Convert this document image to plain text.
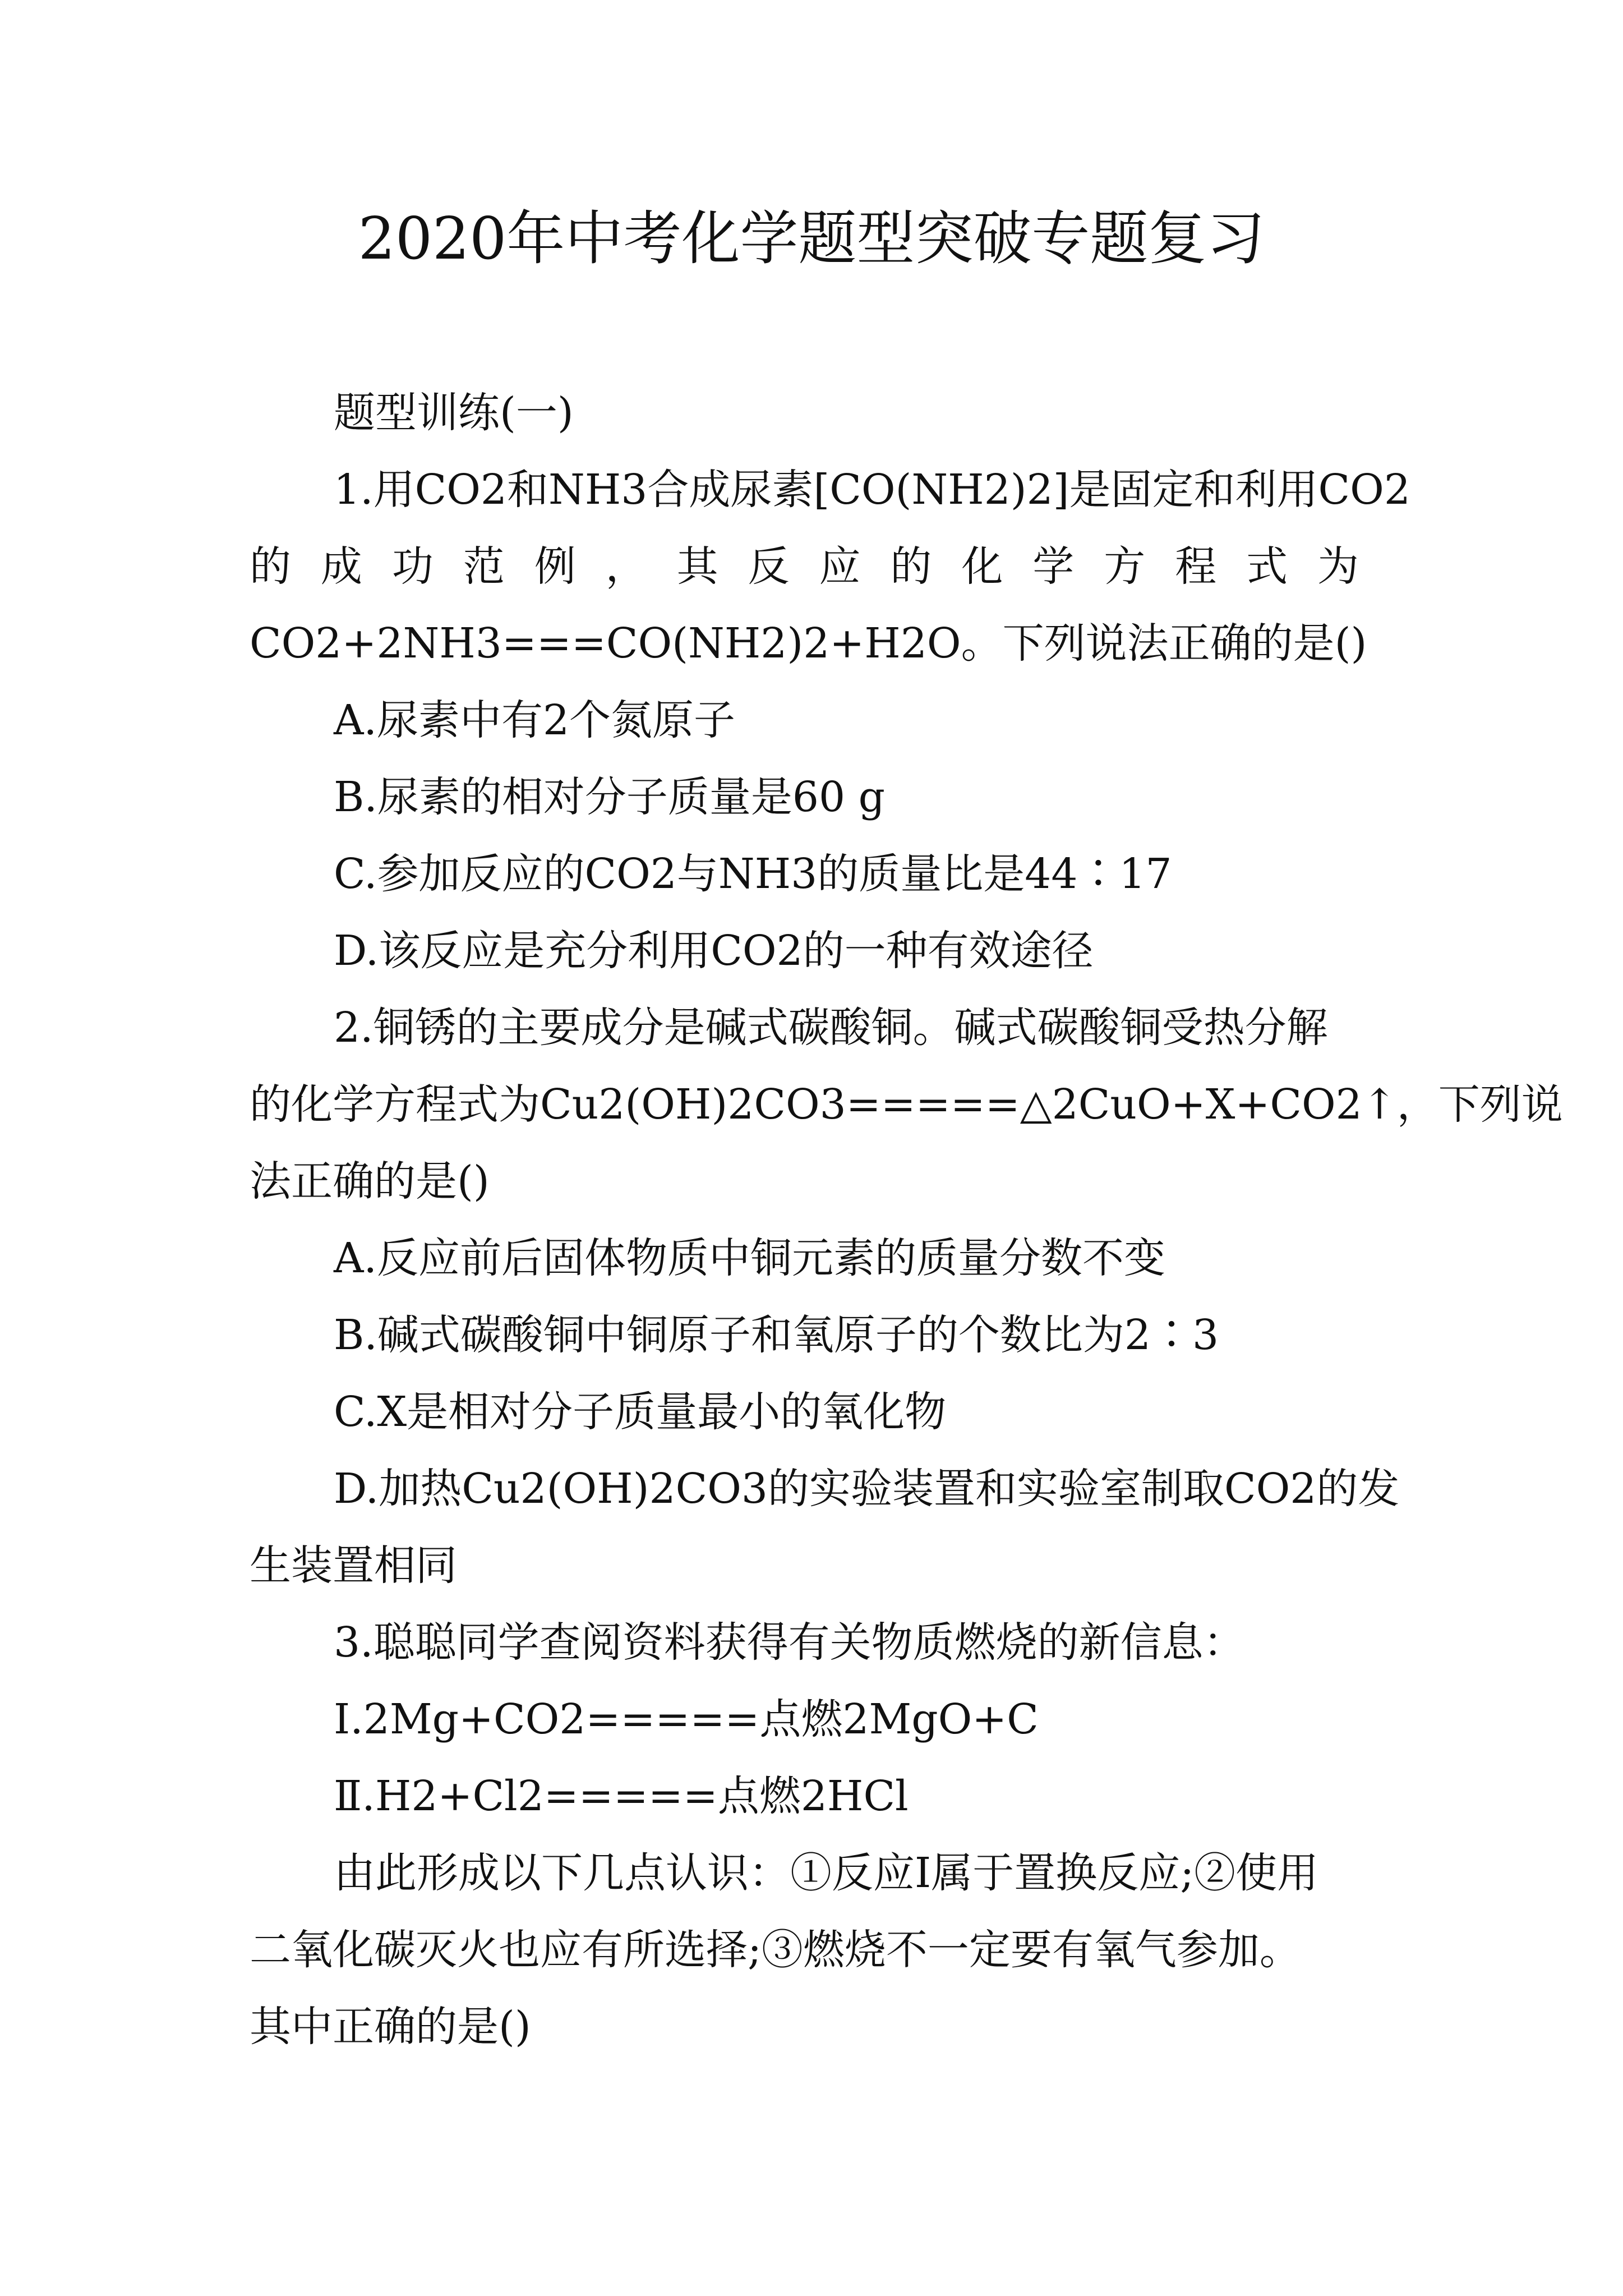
2020年中考化学题型突破专题复习
题型训练(一)
1.用CO2和NH3合成尿素[CO(NH2)2]是固定和利用CO2
的成功范例，其反应的化学方程式为
CO2+2NH3===CO(NH2)2+H2O。下列说法正确的是()
A.尿素中有2个氮原子
B.尿素的相对分子质量是60 g
C.参加反应的CO2与NH3的质量比是44∶17
D.该反应是充分利用CO2的一种有效途径
2.铜锈的主要成分是碱式碳酸铜。碱式碳酸铜受热分解
的化学方程式为Cu2(OH)2CO3=====△2CuO+X+CO2↑，下列说
法正确的是()
A.反应前后固体物质中铜元素的质量分数不变
B.碱式碳酸铜中铜原子和氧原子的个数比为2∶3
C.X是相对分子质量最小的氧化物
D.加热Cu2(OH)2CO3的实验装置和实验室制取CO2的发
生装置相同
3.聪聪同学查阅资料获得有关物质燃烧的新信息：
Ⅰ.2Mg+CO2=====点燃2MgO+C
Ⅱ.H2+Cl2=====点燃2HCl
由此形成以下几点认识：①反应Ⅰ属于置换反应;②使用
二氧化碳灭火也应有所选择;③燃烧不一定要有氧气参加。
其中正确的是()
